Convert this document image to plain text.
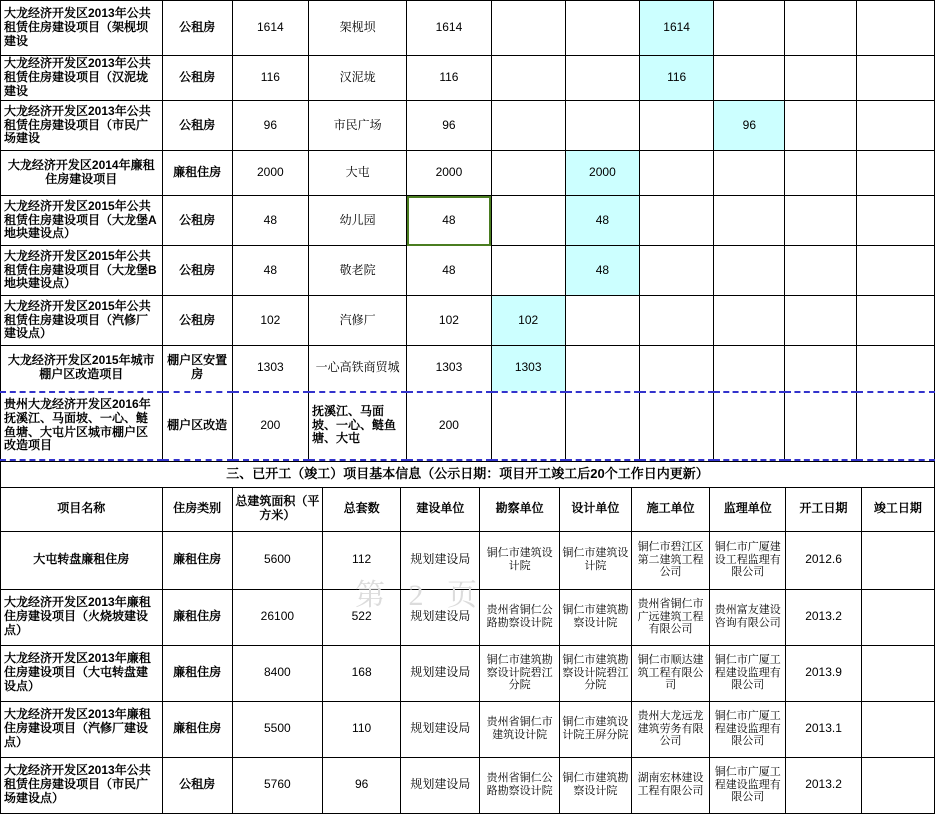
第 2 页
大龙经济开发区2013年公共租赁住房建设项目（架枧坝建设	公租房	1614	架枧坝	1614			1614			
大龙经济开发区2013年公共租赁住房建设项目（汉泥垅建设	公租房	116	汉泥垅	116			116			
大龙经济开发区2013年公共租赁住房建设项目（市民广场建设	公租房	96	市民广场	96				96		
大龙经济开发区2014年廉租住房建设项目	廉租住房	2000	大屯	2000		2000				
大龙经济开发区2015年公共租赁住房建设项目（大龙堡A地块建设点）	公租房	48	幼儿园	48		48				
大龙经济开发区2015年公共租赁住房建设项目（大龙堡B地块建设点）	公租房	48	敬老院	48		48				
大龙经济开发区2015年公共租赁住房建设项目（汽修厂建设点）	公租房	102	汽修厂	102	102					
大龙经济开发区2015年城市棚户区改造项目	棚户区安置房	1303	一心高铁商贸城	1303	1303					
贵州大龙经济开发区2016年抚溪江、马面坡、一心、鲢鱼塘、大屯片区城市棚户区改造项目	棚户区改造	200	抚溪江、马面坡、一心、鲢鱼塘、大屯	200						
三、已开工（竣工）项目基本信息（公示日期：项目开工竣工后20个工作日内更新）										
项目名称	住房类别	总建筑面积（平方米）	总套数	建设单位	勘察单位	设计单位	施工单位	监理单位	开工日期	竣工日期
大屯转盘廉租住房	廉租住房	5600	112	规划建设局	铜仁市建筑设计院	铜仁市建筑设计院	铜仁市碧江区第二建筑工程公司	铜仁市广厦建设工程监理有限公司	2012.6	
大龙经济开发区2013年廉租住房建设项目（火烧坡建设点）	廉租住房	26100	522	规划建设局	贵州省铜仁公路勘察设计院	铜仁市建筑勘察设计院	贵州省铜仁市广远建筑工程有限公司	贵州富友建设咨询有限公司	2013.2	
大龙经济开发区2013年廉租住房建设项目（大屯转盘建设点）	廉租住房	8400	168	规划建设局	铜仁市建筑勘察设计院碧江分院	铜仁市建筑勘察设计院碧江分院	铜仁市顺达建筑工程有限公司	铜仁市广厦工程建设监理有限公司	2013.9	
大龙经济开发区2013年廉租住房建设项目（汽修厂建设点）	廉租住房	5500	110	规划建设局	贵州省铜仁市建筑设计院	铜仁市建筑设计院王屏分院	贵州大龙远龙建筑劳务有限公司	铜仁市广厦工程建设监理有限公司	2013.1	
大龙经济开发区2013年公共租赁住房建设项目（市民广场建设点）	公租房	5760	96	规划建设局	贵州省铜仁公路勘察设计院	铜仁市建筑勘察设计院	湖南宏林建设工程有限公司	铜仁市广厦工程建设监理有限公司	2013.2	
